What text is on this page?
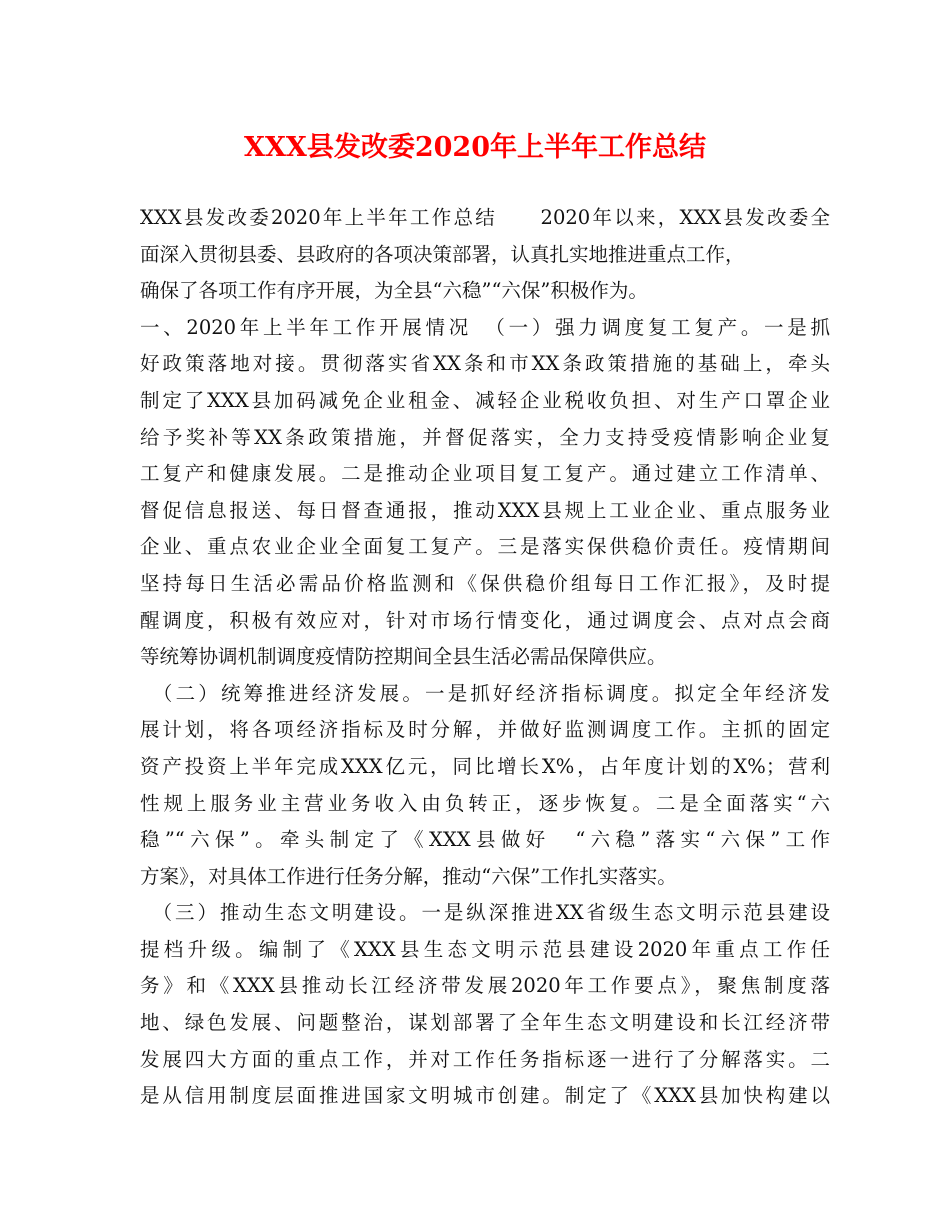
XXX县发改委2020年上半年工作总结
XXX县发改委2020年上半年工作总结　　2020年以来，XXX县发改委全
面深入贯彻县委、县政府的各项决策部署，认真扎实地推进重点工作，
确保了各项工作有序开展，为全县“六稳”“六保”积极作为。
一、2020年上半年工作开展情况　（一）强力调度复工复产。一是抓
好政策落地对接。贯彻落实省XX条和市XX条政策措施的基础上，牵头
制定了XXX县加码减免企业租金、减轻企业税收负担、对生产口罩企业
给予奖补等XX条政策措施，并督促落实，全力支持受疫情影响企业复
工复产和健康发展。二是推动企业项目复工复产。通过建立工作清单、
督促信息报送、每日督查通报，推动XXX县规上工业企业、重点服务业
企业、重点农业企业全面复工复产。三是落实保供稳价责任。疫情期间
坚持每日生活必需品价格监测和《保供稳价组每日工作汇报》，及时提
醒调度，积极有效应对，针对市场行情变化，通过调度会、点对点会商
等统筹协调机制调度疫情防控期间全县生活必需品保障供应。
　（二）统筹推进经济发展。一是抓好经济指标调度。拟定全年经济发
展计划，将各项经济指标及时分解，并做好监测调度工作。主抓的固定
资产投资上半年完成XXX亿元，同比增长X%，占年度计划的X%；营利
性规上服务业主营业务收入由负转正，逐步恢复。二是全面落实“六
稳”“六保”。牵头制定了《XXX县做好　“六稳”落实“六保”工作
方案》，对具体工作进行任务分解，推动“六保”工作扎实落实。
　（三）推动生态文明建设。一是纵深推进XX省级生态文明示范县建设
提档升级。编制了《XXX县生态文明示范县建设2020年重点工作任
务》和《XXX县推动长江经济带发展2020年工作要点》，聚焦制度落
地、绿色发展、问题整治，谋划部署了全年生态文明建设和长江经济带
发展四大方面的重点工作，并对工作任务指标逐一进行了分解落实。二
是从信用制度层面推进国家文明城市创建。制定了《XXX县加快构建以
